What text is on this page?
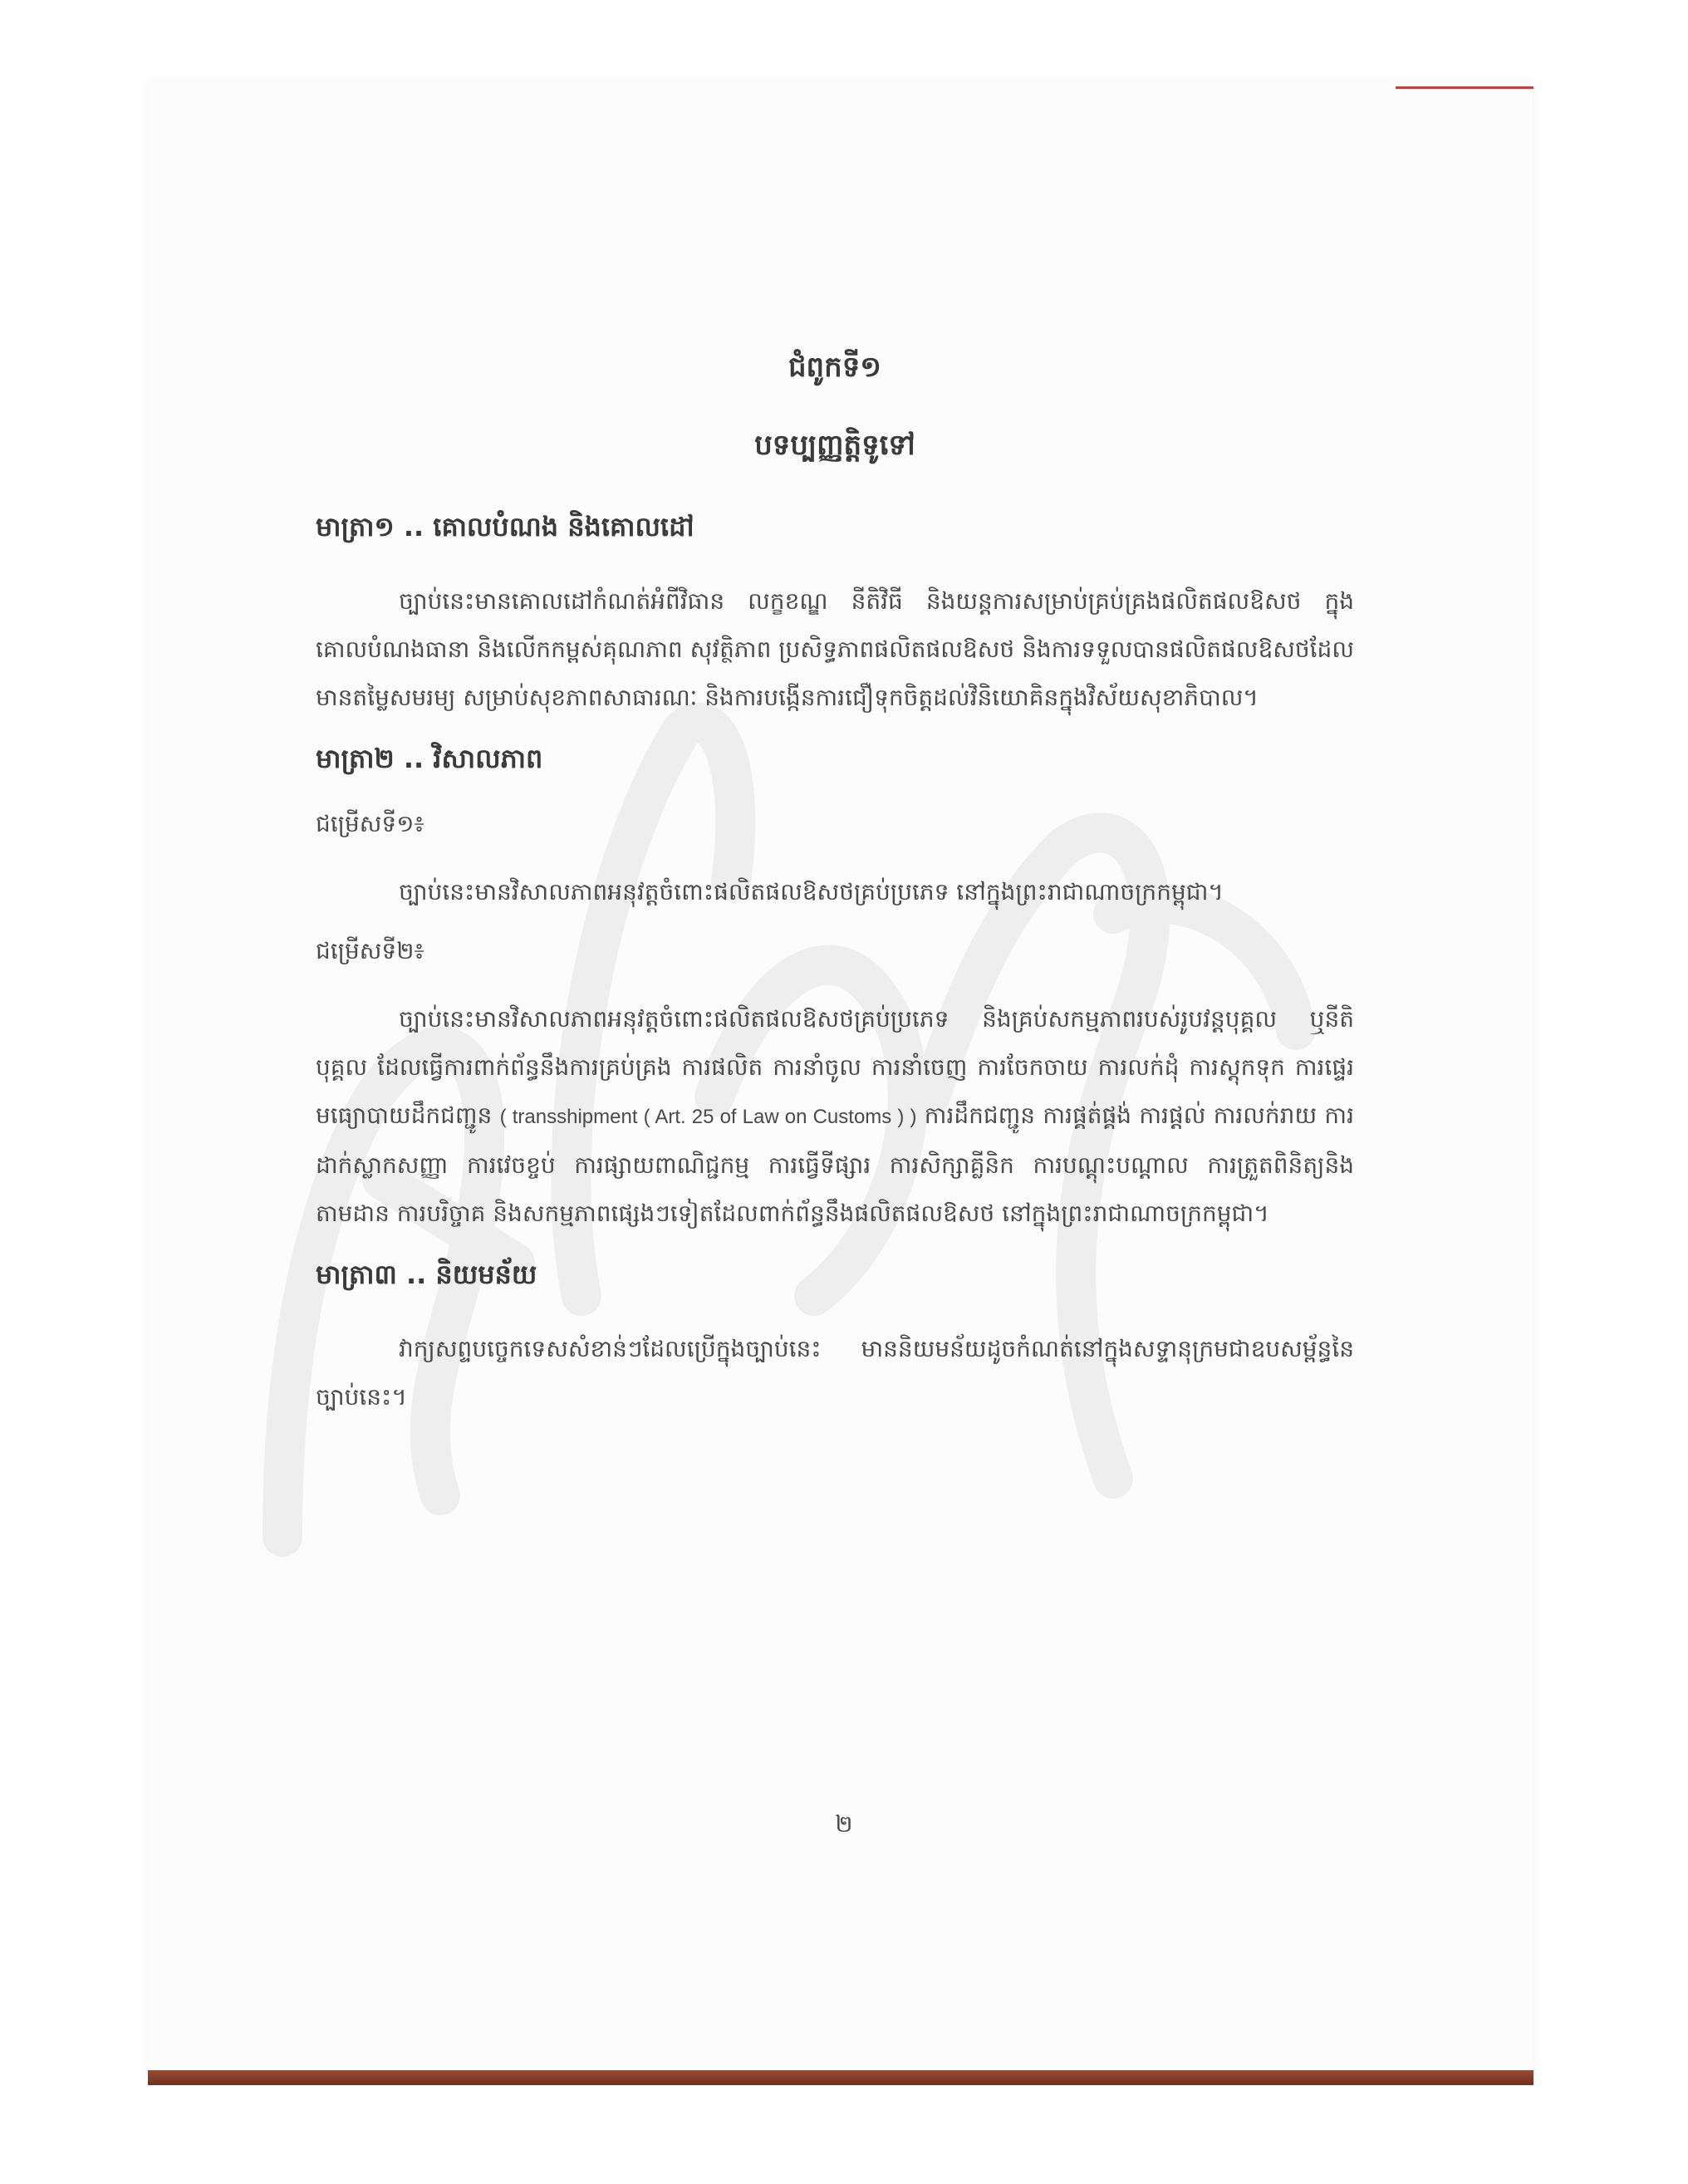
ជំពូកទី១
បទប្បញ្ញត្តិទូទៅ
មាត្រា១ .. គោលបំណង និងគោលដៅ

ច្បាប់នេះមានគោលដៅកំណត់អំពីវិធាន លក្ខខណ្ឌ នីតិវិធី និងយន្តការសម្រាប់គ្រប់គ្រងផលិតផលឱសថ ក្នុងគោលបំណងធានា និងលើកកម្ពស់គុណភាព សុវត្ថិភាព ប្រសិទ្ធភាពផលិតផលឱសថ និងការទទួលបានផលិតផលឱសថដែលមានតម្លៃសមរម្យ សម្រាប់សុខភាពសាធារណៈ និងការបង្កើនការជឿទុកចិត្តដល់វិនិយោគិនក្នុងវិស័យសុខាភិបាល។

មាត្រា២ .. វិសាលភាព
ជម្រើសទី១៖

ច្បាប់នេះមានវិសាលភាពអនុវត្តចំពោះផលិតផលឱសថគ្រប់ប្រភេទ នៅក្នុងព្រះរាជាណាចក្រកម្ពុជា។

ជម្រើសទី២៖

ច្បាប់នេះមានវិសាលភាពអនុវត្តចំពោះផលិតផលឱសថគ្រប់ប្រភេទ និងគ្រប់សកម្មភាពរបស់រូបវន្តបុគ្គល ឬនីតិបុគ្គល ដែលធ្វើការពាក់ព័ន្ធនឹងការគ្រប់គ្រង ការផលិត ការនាំចូល ការនាំចេញ ការចែកចាយ ការលក់ដុំ ការស្តុកទុក ការផ្ទេរមធ្យោបាយដឹកជញ្ជូន ( transshipment ( Art. 25 of Law on Customs ) ) ការដឹកជញ្ជូន ការផ្គត់ផ្គង់ ការផ្តល់ ការលក់រាយ ការដាក់ស្លាកសញ្ញា ការវេចខ្ចប់ ការផ្សាយពាណិជ្ជកម្ម ការធ្វើទីផ្សារ ការសិក្សាគ្លីនិក ការបណ្តុះបណ្តាល ការត្រួតពិនិត្យនិងតាមដាន ការបរិច្ចាគ និងសកម្មភាពផ្សេងៗទៀតដែលពាក់ព័ន្ធនឹងផលិតផលឱសថ នៅក្នុងព្រះរាជាណាចក្រកម្ពុជា។

មាត្រា៣ .. និយមន័យ

វាក្យសព្ទបច្ចេកទេសសំខាន់ៗដែលប្រើក្នុងច្បាប់នេះ មាននិយមន័យដូចកំណត់នៅក្នុងសទ្ទានុក្រមជាឧបសម្ព័ន្ធនៃច្បាប់នេះ។

២
